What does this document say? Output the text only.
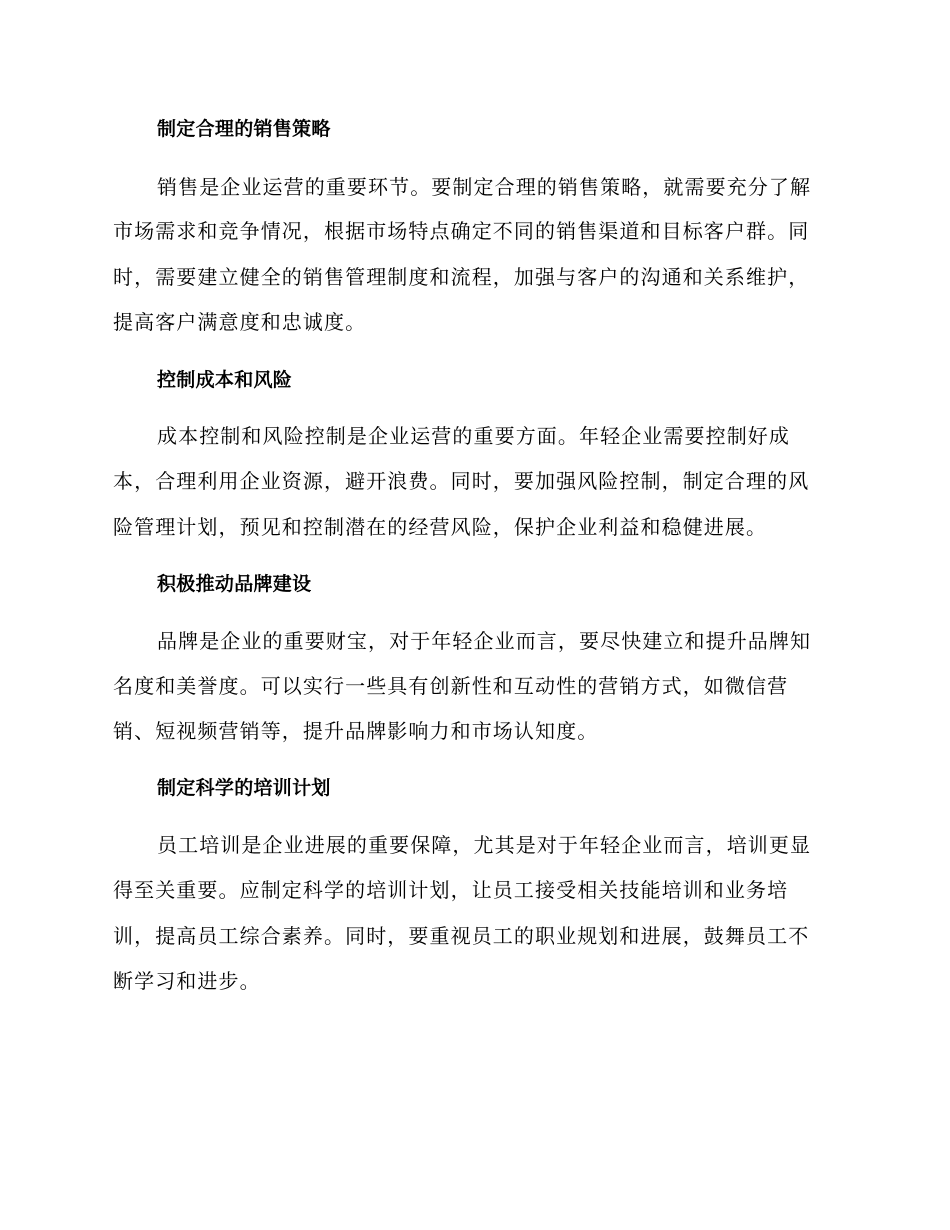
制定合理的销售策略
销售是企业运营的重要环节。要制定合理的销售策略，就需要充分了解
市场需求和竞争情况，根据市场特点确定不同的销售渠道和目标客户群。同
时，需要建立健全的销售管理制度和流程，加强与客户的沟通和关系维护，
提高客户满意度和忠诚度。
控制成本和风险
成本控制和风险控制是企业运营的重要方面。年轻企业需要控制好成
本，合理利用企业资源，避开浪费。同时，要加强风险控制，制定合理的风
险管理计划，预见和控制潜在的经营风险，保护企业利益和稳健进展。
积极推动品牌建设
品牌是企业的重要财宝，对于年轻企业而言，要尽快建立和提升品牌知
名度和美誉度。可以实行一些具有创新性和互动性的营销方式，如微信营
销、短视频营销等，提升品牌影响力和市场认知度。
制定科学的培训计划
员工培训是企业进展的重要保障，尤其是对于年轻企业而言，培训更显
得至关重要。应制定科学的培训计划，让员工接受相关技能培训和业务培
训，提高员工综合素养。同时，要重视员工的职业规划和进展，鼓舞员工不
断学习和进步。
